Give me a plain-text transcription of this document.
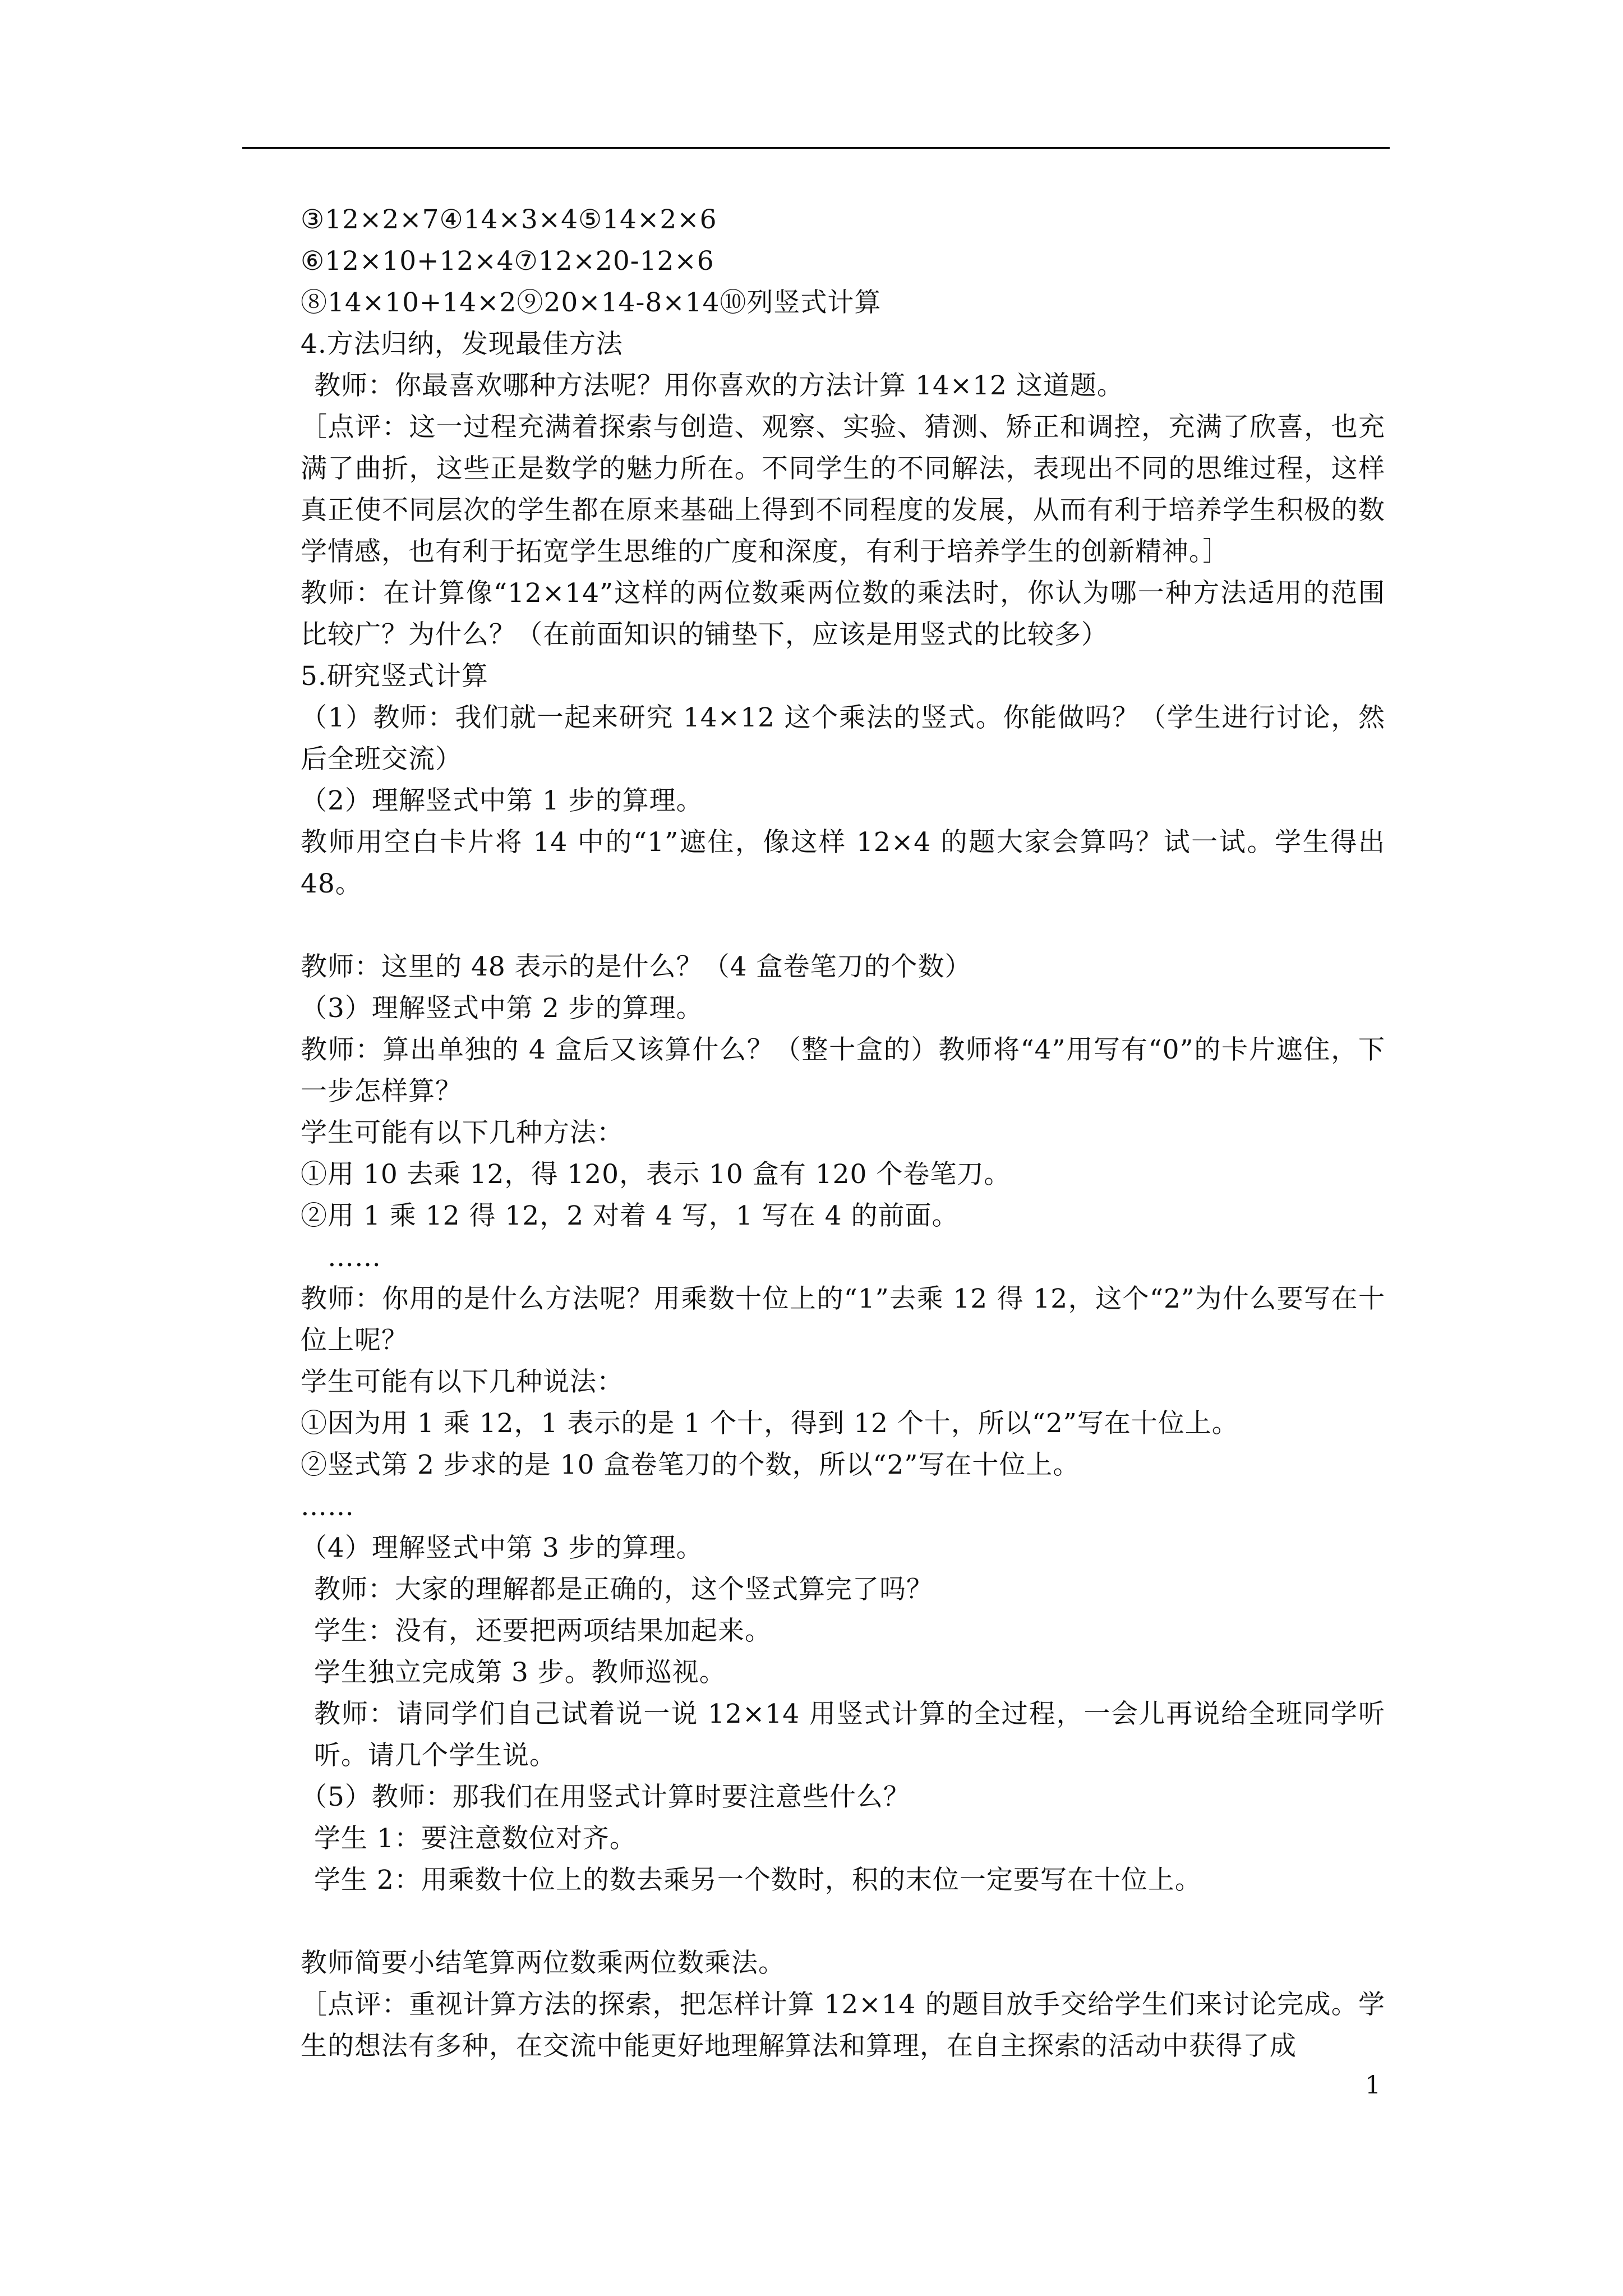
③12×2×7④14×3×4⑤14×2×6

⑥12×10+12×4⑦12×20-12×6

⑧14×10+14×2⑨20×14-8×14⑩列竖式计算

4.方法归纳，发现最佳方法

教师：你最喜欢哪种方法呢？用你喜欢的方法计算 14×12 这道题。

［点评：这一过程充满着探索与创造、观察、实验、猜测、矫正和调控，充满了欣喜，也充满了曲折，这些正是数学的魅力所在。不同学生的不同解法，表现出不同的思维过程，这样真正使不同层次的学生都在原来基础上得到不同程度的发展，从而有利于培养学生积极的数学情感，也有利于拓宽学生思维的广度和深度，有利于培养学生的创新精神。］

教师：在计算像“12×14”这样的两位数乘两位数的乘法时，你认为哪一种方法适用的范围比较广？为什么？（在前面知识的铺垫下，应该是用竖式的比较多）

5.研究竖式计算

（1）教师：我们就一起来研究 14×12 这个乘法的竖式。你能做吗？（学生进行讨论，然后全班交流）

（2）理解竖式中第 1 步的算理。

教师用空白卡片将 14 中的“1”遮住，像这样 12×4 的题大家会算吗？试一试。学生得出 48。

教师：这里的 48 表示的是什么？（4 盒卷笔刀的个数）

（3）理解竖式中第 2 步的算理。

教师：算出单独的 4 盒后又该算什么？（整十盒的）教师将“4”用写有“0”的卡片遮住，下一步怎样算？

学生可能有以下几种方法：

①用 10 去乘 12，得 120，表示 10 盒有 120 个卷笔刀。

②用 1 乘 12 得 12，2 对着 4 写，1 写在 4 的前面。

……

教师：你用的是什么方法呢？用乘数十位上的“1”去乘 12 得 12，这个“2”为什么要写在十位上呢？

学生可能有以下几种说法：

①因为用 1 乘 12，1 表示的是 1 个十，得到 12 个十，所以“2”写在十位上。

②竖式第 2 步求的是 10 盒卷笔刀的个数，所以“2”写在十位上。

……

（4）理解竖式中第 3 步的算理。

教师：大家的理解都是正确的，这个竖式算完了吗？

学生：没有，还要把两项结果加起来。

学生独立完成第 3 步。教师巡视。

教师：请同学们自己试着说一说 12×14 用竖式计算的全过程，一会儿再说给全班同学听听。请几个学生说。

（5）教师：那我们在用竖式计算时要注意些什么？

学生 1：要注意数位对齐。

学生 2：用乘数十位上的数去乘另一个数时，积的末位一定要写在十位上。

教师简要小结笔算两位数乘两位数乘法。

［点评：重视计算方法的探索，把怎样计算 12×14 的题目放手交给学生们来讨论完成。学生的想法有多种，在交流中能更好地理解算法和算理，在自主探索的活动中获得了成

1
